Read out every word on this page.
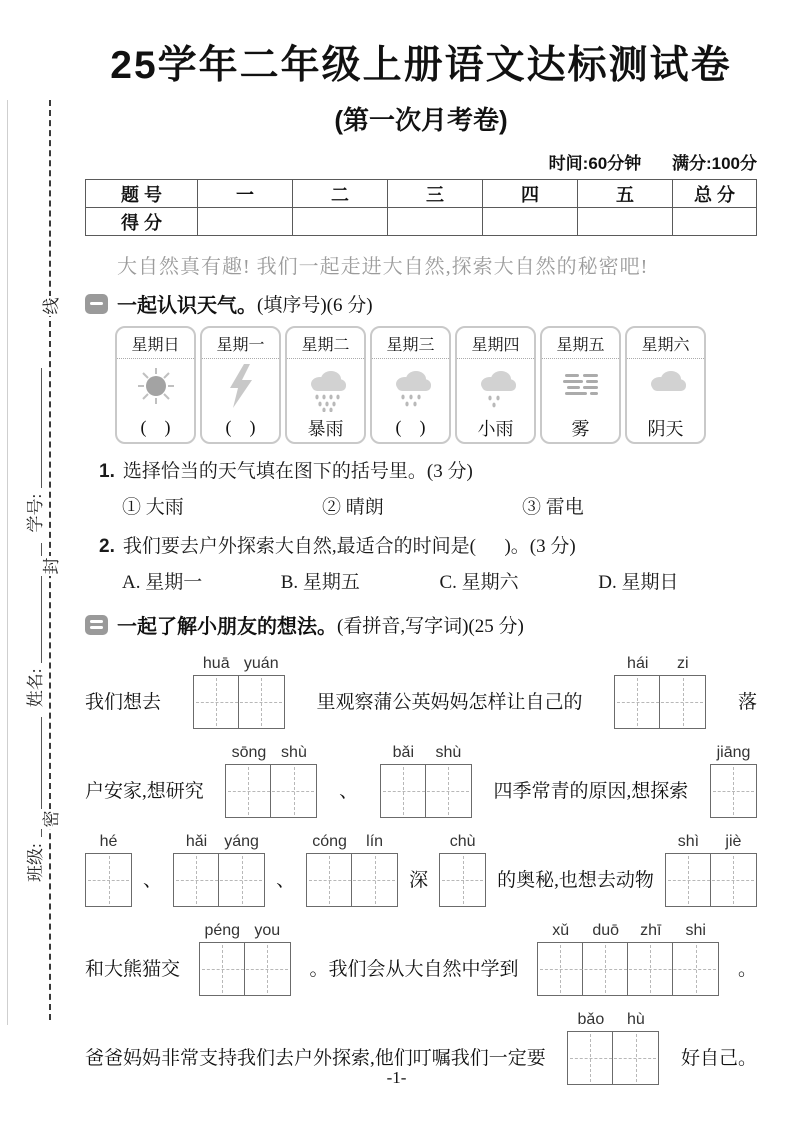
班级:
姓名:
学号:
线
封
密
25学年二年级上册语文达标测试卷
(第一次月考卷)
时间:60分钟 满分:100分
题 号	一	二	三	四	五	总 分
得 分						
大自然真有趣! 我们一起走进大自然,探索大自然的秘密吧!
一起认识天气。 (填序号)(6 分)
星期日
(    )
星期一
(    )
星期二
暴雨
星期三
(    )
星期四
小雨
星期五
雾
星期六
阴天
1. 选择恰当的天气填在图下的括号里。(3 分)
① 大雨	② 晴朗	③ 雷电
2. 我们要去户外探索大自然,最适合的时间是(      )。(3 分)
A. 星期一	B. 星期五	C. 星期六	D. 星期日
一起了解小朋友的想法。 (看拼音,写字词)(25 分)
我们想去
huā yuán
里观察蒲公英妈妈怎样让自己的
hái	zi
落
户安家,想研究
sōng shù
、
bǎi	shù
四季常青的原因,想探索
jiāng
hé
、
hǎi	yáng
、
cóng	lín
深
chù
的奥秘,也想去动物
shì	jiè
和大熊猫交
péng you
。我们会从大自然中学到
xǔ	duō	zhī	shi
。
爸爸妈妈非常支持我们去户外探索,他们叮嘱我们一定要
bǎo	hù
好自己。
-1-
